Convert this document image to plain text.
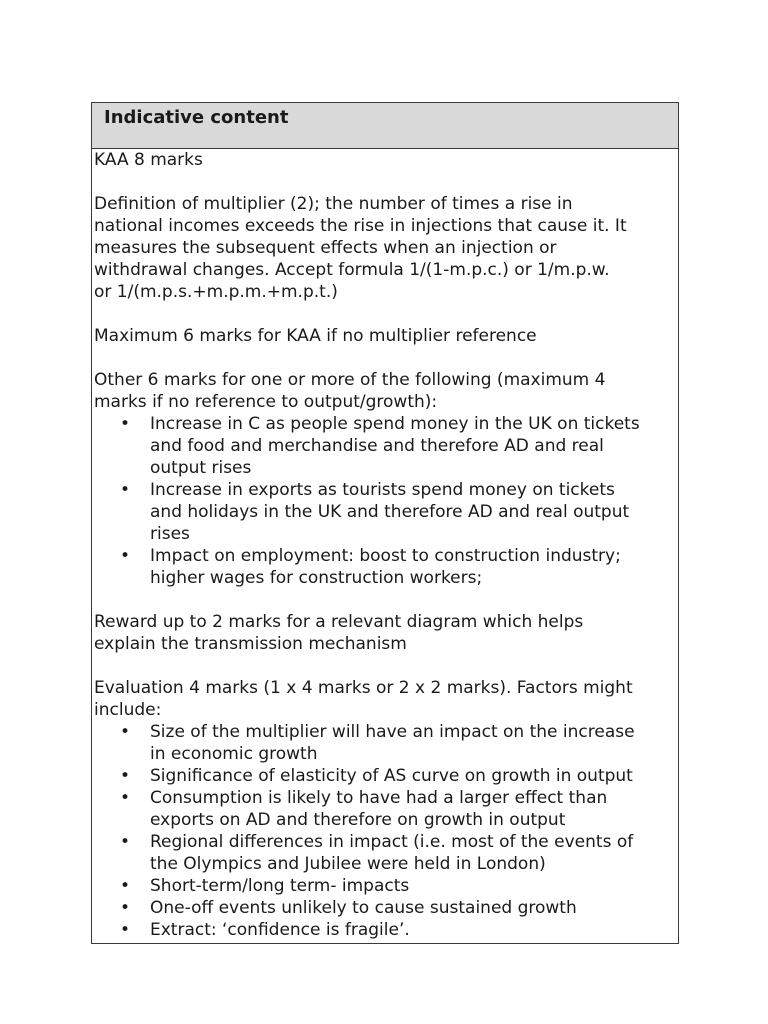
Indicative content

KAA 8 marks

Definition of multiplier (2); the number of times a rise in
national incomes exceeds the rise in injections that cause it. It
measures the subsequent effects when an injection or
withdrawal changes. Accept formula 1/(1-m.p.c.) or 1/m.p.w.
or 1/(m.p.s.+m.p.m.+m.p.t.)

Maximum 6 marks for KAA if no multiplier reference

Other 6 marks for one or more of the following (maximum 4
marks if no reference to output/growth):
• Increase in C as people spend money in the UK on tickets
and food and merchandise and therefore AD and real
output rises
• Increase in exports as tourists spend money on tickets
and holidays in the UK and therefore AD and real output
rises
• Impact on employment: boost to construction industry;
higher wages for construction workers;
Reward up to 2 marks for a relevant diagram which helps
explain the transmission mechanism
Evaluation 4 marks (1 x 4 marks or 2 x 2 marks). Factors might
include:
• Size of the multiplier will have an impact on the increase
in economic growth
• Significance of elasticity of AS curve on growth in output
• Consumption is likely to have had a larger effect than
exports on AD and therefore on growth in output
• Regional differences in impact (i.e. most of the events of
the Olympics and Jubilee were held in London)
• Short-term/long term- impacts
• One-off events unlikely to cause sustained growth
• Extract: ‘confidence is fragile’.
